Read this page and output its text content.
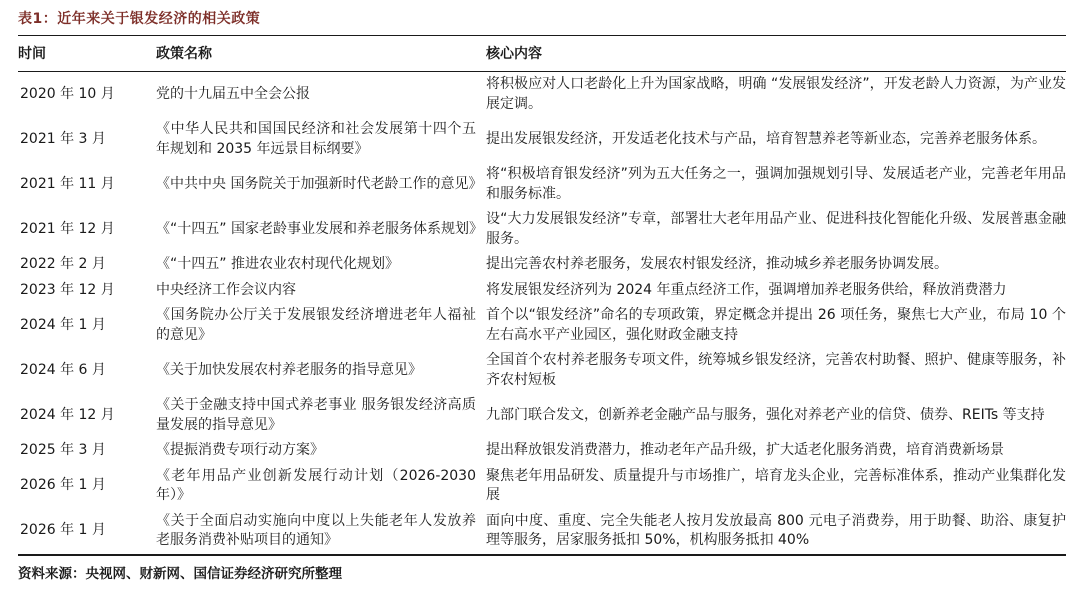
表1：近年来关于银发经济的相关政策
时间	政策名称	核心内容
2020 年 10 月	党的十九届五中全会公报	将积极应对人口老龄化上升为国家战略，明确 “发展银发经济”，开发老龄人力资源，为产业发展定调。
2021 年 3 月	《中华人民共和国国民经济和社会发展第十四个五年规划和 2035 年远景目标纲要》	提出发展银发经济，开发适老化技术与产品，培育智慧养老等新业态，完善养老服务体系。
2021 年 11 月	《中共中央 国务院关于加强新时代老龄工作的意见》	将“积极培育银发经济”列为五大任务之一，强调加强规划引导、发展适老产业，完善老年用品和服务标准。
2021 年 12 月	《“十四五” 国家老龄事业发展和养老服务体系规划》	设“大力发展银发经济”专章，部署壮大老年用品产业、促进科技化智能化升级、发展普惠金融服务。
2022 年 2 月	《“十四五” 推进农业农村现代化规划》	提出完善农村养老服务，发展农村银发经济，推动城乡养老服务协调发展。
2023 年 12 月	中央经济工作会议内容	将发展银发经济列为 2024 年重点经济工作，强调增加养老服务供给，释放消费潜力
2024 年 1 月	《国务院办公厅关于发展银发经济增进老年人福祉的意见》	首个以“银发经济”命名的专项政策，界定概念并提出 26 项任务，聚焦七大产业，布局 10 个左右高水平产业园区，强化财政金融支持
2024 年 6 月	《关于加快发展农村养老服务的指导意见》	全国首个农村养老服务专项文件，统筹城乡银发经济，完善农村助餐、照护、健康等服务，补齐农村短板
2024 年 12 月	《关于金融支持中国式养老事业 服务银发经济高质量发展的指导意见》	九部门联合发文，创新养老金融产品与服务，强化对养老产业的信贷、债券、REITs 等支持
2025 年 3 月	《提振消费专项行动方案》	提出释放银发消费潜力，推动老年产品升级，扩大适老化服务消费，培育消费新场景
2026 年 1 月	《老年用品产业创新发展行动计划（2026-2030 年）》	聚焦老年用品研发、质量提升与市场推广，培育龙头企业，完善标准体系，推动产业集群化发展
2026 年 1 月	《关于全面启动实施向中度以上失能老年人发放养老服务消费补贴项目的通知》	面向中度、重度、完全失能老人按月发放最高 800 元电子消费券，用于助餐、助浴、康复护理等服务，居家服务抵扣 50%，机构服务抵扣 40%
资料来源：央视网、财新网、国信证券经济研究所整理
